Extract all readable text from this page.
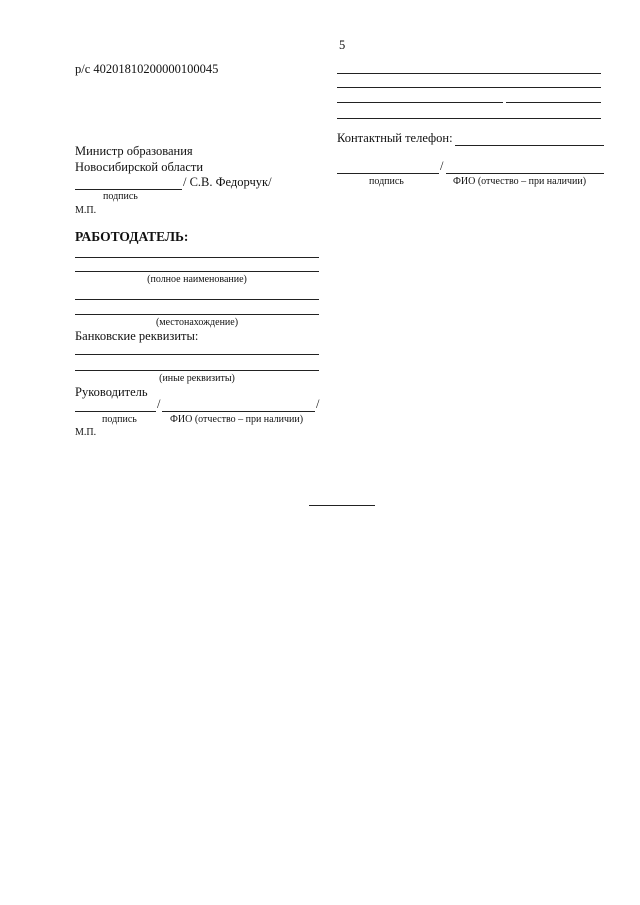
5
р/с 40201810200000100045
Министр образования
Новосибирской области
/ С.В. Федорчук/
подпись
М.П.
РАБОТОДАТЕЛЬ:
(полное наименование)
(местонахождение)
Банковские реквизиты:
(иные реквизиты)
Руководитель
/	/
подпись	ФИО (отчество – при наличии)
М.П.
Контактный телефон:
/
подпись	ФИО (отчество – при наличии)
